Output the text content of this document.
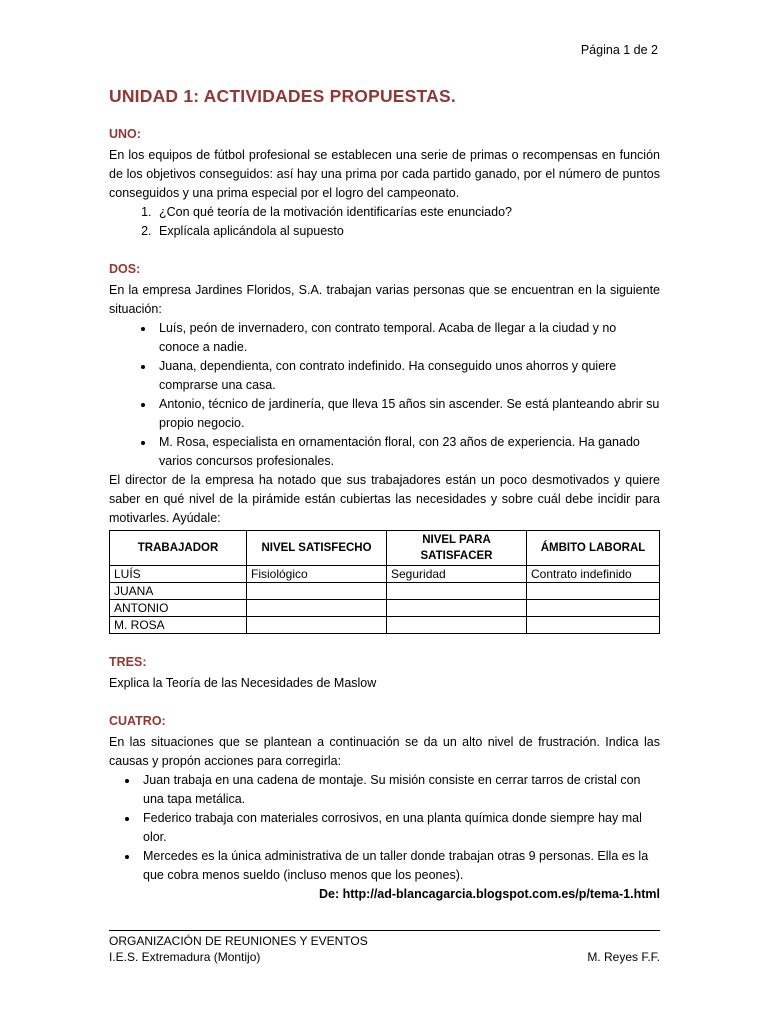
Página 1 de 2
UNIDAD 1: ACTIVIDADES PROPUESTAS.
UNO:

En los equipos de fútbol profesional se establecen una serie de primas o recompensas en función de los objetivos conseguidos: así hay una prima por cada partido ganado, por el número de puntos conseguidos y una prima especial por el logro del campeonato.

1. ¿Con qué teoría de la motivación identificarías este enunciado?
2. Explícala aplicándola al supuesto
DOS:

En la empresa Jardines Floridos, S.A. trabajan varias personas que se encuentran en la siguiente situación:

• Luís, peón de invernadero, con contrato temporal. Acaba de llegar a la ciudad y no conoce a nadie.
• Juana, dependienta, con contrato indefinido. Ha conseguido unos ahorros y quiere comprarse una casa.
• Antonio, técnico de jardinería, que lleva 15 años sin ascender. Se está planteando abrir su propio negocio.
• M. Rosa, especialista en ornamentación floral, con 23 años de experiencia. Ha ganado varios concursos profesionales.

El director de la empresa ha notado que sus trabajadores están un poco desmotivados y quiere saber en qué nivel de la pirámide están cubiertas las necesidades y sobre cuál debe incidir para motivarles. Ayúdale:

TRABAJADOR	NIVEL SATISFECHO	NIVEL PARA SATISFACER	ÁMBITO LABORAL
LUÍS	Fisiológico	Seguridad	Contrato indefinido
JUANA			
ANTONIO			
M. ROSA			
TRES:

Explica la Teoría de las Necesidades de Maslow

CUATRO:

En las situaciones que se plantean a continuación se da un alto nivel de frustración. Indica las causas y propón acciones para corregirla:

• Juan trabaja en una cadena de montaje. Su misión consiste en cerrar tarros de cristal con una tapa metálica.
• Federico trabaja con materiales corrosivos, en una planta química donde siempre hay mal olor.
• Mercedes es la única administrativa de un taller donde trabajan otras 9 personas. Ella es la que cobra menos sueldo (incluso menos que los peones).
De: http://ad-blancagarcia.blogspot.com.es/p/tema-1.html
ORGANIZACIÓN DE REUNIONES Y EVENTOS
I.E.S. Extremadura (Montijo)	M. Reyes F.F.
